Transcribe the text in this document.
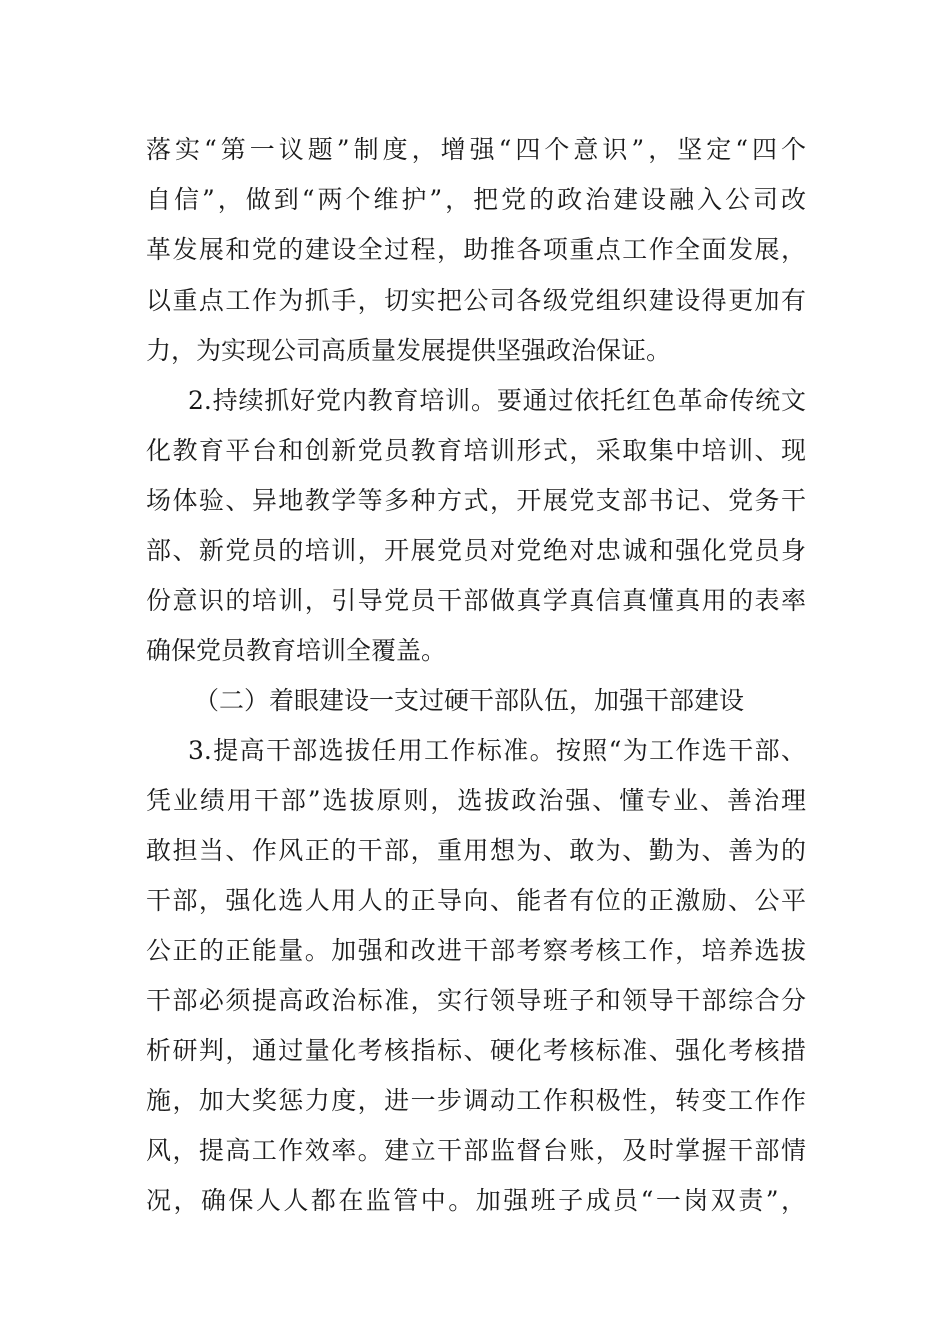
落实“第一议题”制度，增强“四个意识”，坚定“四个
自信”，做到“两个维护”，把党的政治建设融入公司改
革发展和党的建设全过程，助推各项重点工作全面发展，
以重点工作为抓手，切实把公司各级党组织建设得更加有
力，为实现公司高质量发展提供坚强政治保证。
2.持续抓好党内教育培训。要通过依托红色革命传统文
化教育平台和创新党员教育培训形式，采取集中培训、现
场体验、异地教学等多种方式，开展党支部书记、党务干
部、新党员的培训，开展党员对党绝对忠诚和强化党员身
份意识的培训，引导党员干部做真学真信真懂真用的表率
确保党员教育培训全覆盖。
（二）着眼建设一支过硬干部队伍，加强干部建设
3.提高干部选拔任用工作标准。按照“为工作选干部、
凭业绩用干部”选拔原则，选拔政治强、懂专业、善治理
敢担当、作风正的干部，重用想为、敢为、勤为、善为的
干部，强化选人用人的正导向、能者有位的正激励、公平
公正的正能量。加强和改进干部考察考核工作，培养选拔
干部必须提高政治标准，实行领导班子和领导干部综合分
析研判，通过量化考核指标、硬化考核标准、强化考核措
施，加大奖惩力度，进一步调动工作积极性，转变工作作
风，提高工作效率。建立干部监督台账，及时掌握干部情
况，确保人人都在监管中。加强班子成员“一岗双责”，
